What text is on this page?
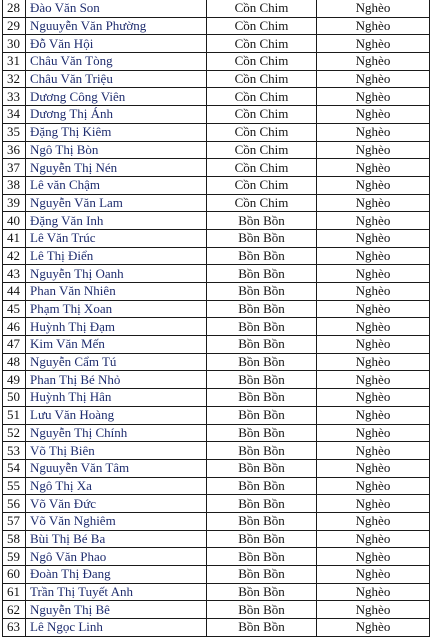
28	Đào Văn Son	Cồn Chim	Nghèo
29	Nguuyễn Văn Phường	Cồn Chim	Nghèo
30	Đỗ Văn Hội	Cồn Chim	Nghèo
31	Châu Văn Tòng	Cồn Chim	Nghèo
32	Châu Văn Triệu	Cồn Chim	Nghèo
33	Dương Công Viên	Cồn Chim	Nghèo
34	Dương Thị Ánh	Cồn Chim	Nghèo
35	Đặng Thị Kiêm	Cồn Chim	Nghèo
36	Ngô Thị Bòn	Cồn Chim	Nghèo
37	Nguyễn Thị Nén	Cồn Chim	Nghèo
38	Lê văn Chậm	Cồn Chim	Nghèo
39	Nguyễn Văn Lam	Cồn Chim	Nghèo
40	Đặng Văn Inh	Bồn Bồn	Nghèo
41	Lê Văn Trúc	Bồn Bồn	Nghèo
42	Lê Thị Điển	Bồn Bồn	Nghèo
43	Nguyễn Thị Oanh	Bồn Bồn	Nghèo
44	Phan Văn Nhiên	Bồn Bồn	Nghèo
45	Phạm Thị Xoan	Bồn Bồn	Nghèo
46	Huỳnh Thị Đạm	Bồn Bồn	Nghèo
47	Kim Văn Mến	Bồn Bồn	Nghèo
48	Nguyễn Cẩm Tú	Bồn Bồn	Nghèo
49	Phan Thị Bé Nhỏ	Bồn Bồn	Nghèo
50	Huỳnh Thị Hân	Bồn Bồn	Nghèo
51	Lưu Văn Hoàng	Bồn Bồn	Nghèo
52	Nguyễn Thị Chính	Bồn Bồn	Nghèo
53	Võ Thị Biên	Bồn Bồn	Nghèo
54	Nguuyễn Văn Tâm	Bồn Bồn	Nghèo
55	Ngô Thị Xa	Bồn Bồn	Nghèo
56	Võ Văn Đức	Bồn Bồn	Nghèo
57	Võ Văn Nghiêm	Bồn Bồn	Nghèo
58	Bùi Thị Bé Ba	Bồn Bồn	Nghèo
59	Ngô Văn Phao	Bồn Bồn	Nghèo
60	Đoàn Thị Đang	Bồn Bồn	Nghèo
61	Trần Thị Tuyết Anh	Bồn Bồn	Nghèo
62	Nguyễn Thị Bê	Bồn Bồn	Nghèo
63	Lê Ngọc Linh	Bồn Bồn	Nghèo
